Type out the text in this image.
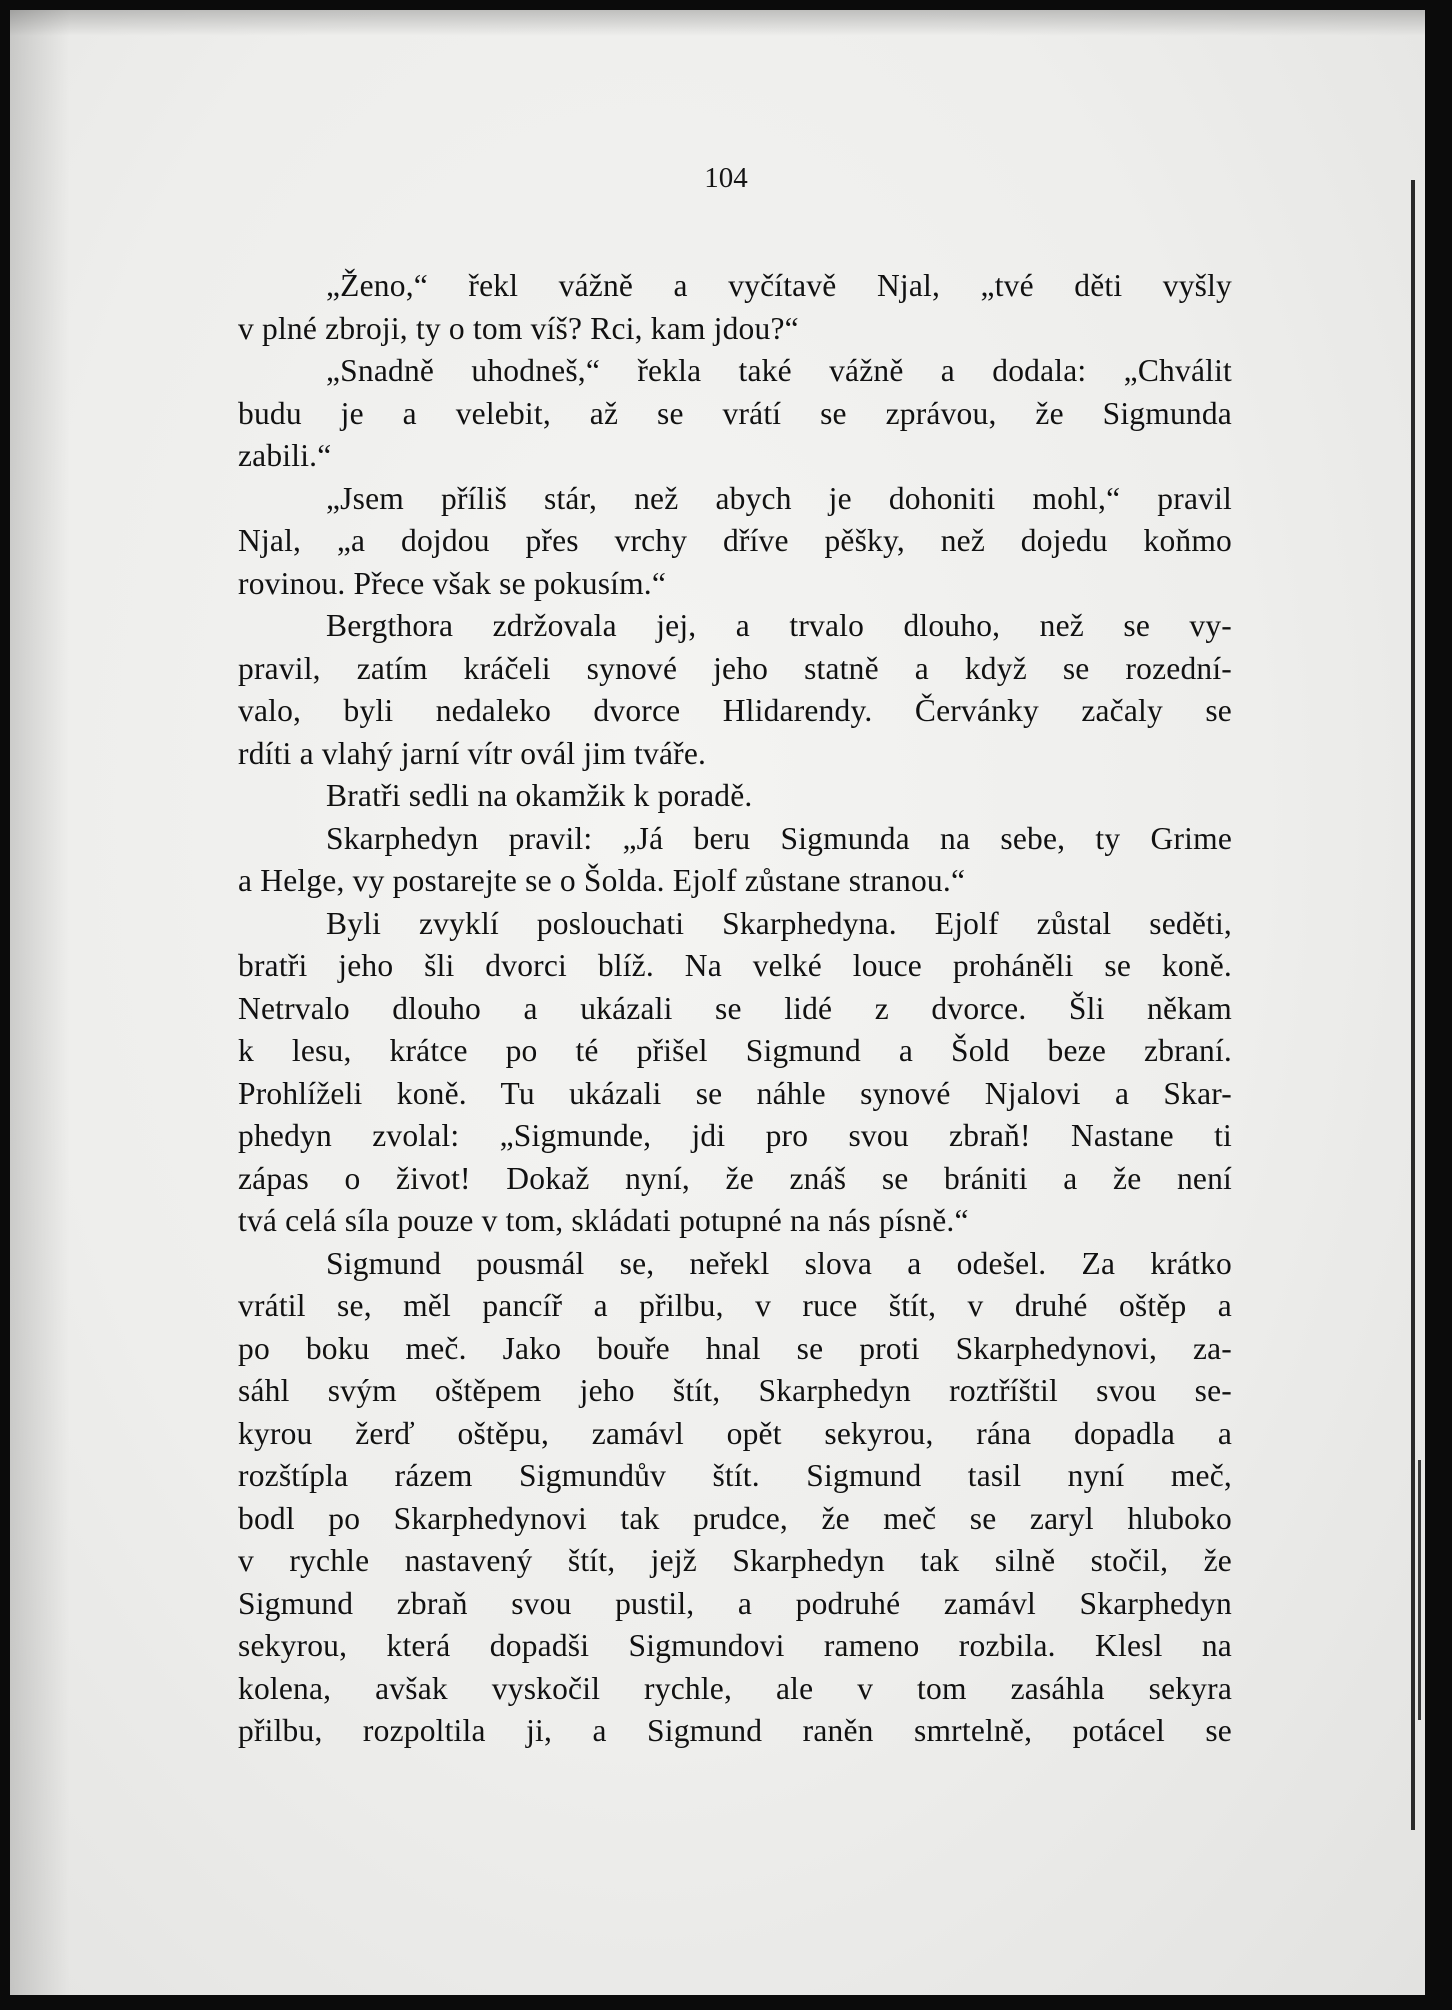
104
„Ženo,“ řekl vážně a vyčítavě Njal, „tvé děti vyšly
v plné zbroji, ty o tom víš? Rci, kam jdou?“
„Snadně uhodneš,“ řekla také vážně a dodala: „Chválit
budu je a velebit, až se vrátí se zprávou, že Sigmunda
zabili.“
„Jsem příliš stár, než abych je dohoniti mohl,“ pravil
Njal, „a dojdou přes vrchy dříve pěšky, než dojedu koňmo
rovinou. Přece však se pokusím.“
Bergthora zdržovala jej, a trvalo dlouho, než se vy-
pravil, zatím kráčeli synové jeho statně a když se rozední-
valo, byli nedaleko dvorce Hlidarendy. Červánky začaly se
rdíti a vlahý jarní vítr ovál jim tváře.
Bratři sedli na okamžik k poradě.
Skarphedyn pravil: „Já beru Sigmunda na sebe, ty Grime
a Helge, vy postarejte se o Šolda. Ejolf zůstane stranou.“
Byli zvyklí poslouchati Skarphedyna. Ejolf zůstal seděti,
bratři jeho šli dvorci blíž. Na velké louce proháněli se koně.
Netrvalo dlouho a ukázali se lidé z dvorce. Šli někam
k lesu, krátce po té přišel Sigmund a Šold beze zbraní.
Prohlíželi koně. Tu ukázali se náhle synové Njalovi a Skar-
phedyn zvolal: „Sigmunde, jdi pro svou zbraň! Nastane ti
zápas o život! Dokaž nyní, že znáš se brániti a že není
tvá celá síla pouze v tom, skládati potupné na nás písně.“
Sigmund pousmál se, neřekl slova a odešel. Za krátko
vrátil se, měl pancíř a přilbu, v ruce štít, v druhé oštěp a
po boku meč. Jako bouře hnal se proti Skarphedynovi, za-
sáhl svým oštěpem jeho štít, Skarphedyn roztříštil svou se-
kyrou žerď oštěpu, zamávl opět sekyrou, rána dopadla a
rozštípla rázem Sigmundův štít. Sigmund tasil nyní meč,
bodl po Skarphedynovi tak prudce, že meč se zaryl hluboko
v rychle nastavený štít, jejž Skarphedyn tak silně stočil, že
Sigmund zbraň svou pustil, a podruhé zamávl Skarphedyn
sekyrou, která dopadši Sigmundovi rameno rozbila. Klesl na
kolena, avšak vyskočil rychle, ale v tom zasáhla sekyra
přilbu, rozpoltila ji, a Sigmund raněn smrtelně, potácel se
